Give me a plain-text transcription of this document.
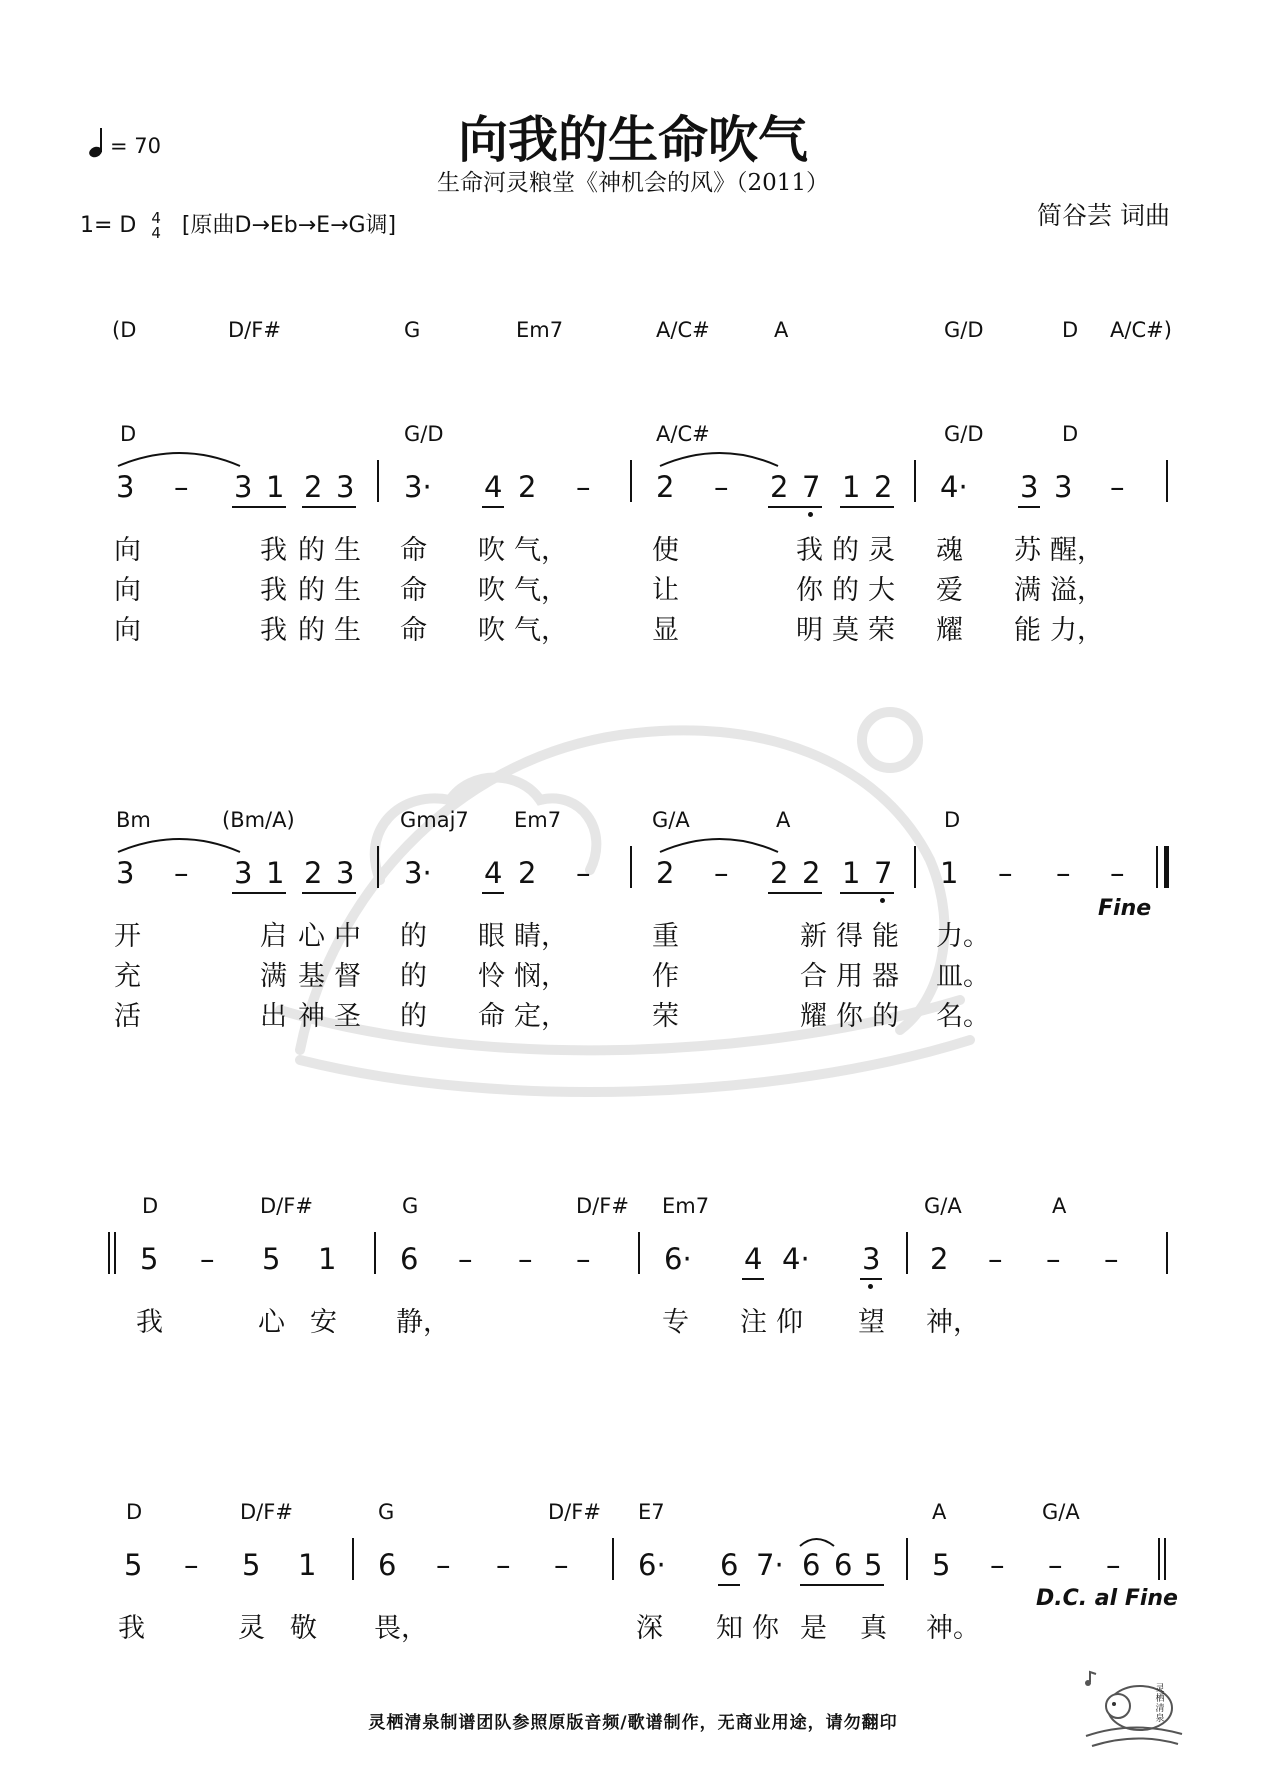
向我的生命吹气
生命河灵粮堂《神机会的风》（2011）
简谷芸 词曲
= 70
1= D 4
4 [原曲D→Eb→E→G调]
(D	D/F#	G	Em7	A/C#	A	G/D	D A/C#)
D	G/D	A/C#	G/D	D
3 – 3 1 2 3 3· 4 2 – 2 – 2 7 1 2 4· 3 3 –
向	我 的 生 命 吹 气，	使	我 的 灵 魂 苏 醒，
向	我 的 生 命 吹 气，	让	你 的 大 爱 满 溢，
向	我 的 生 命 吹 气，	显	明 莫 荣 耀 能 力，
Bm	(Bm/A)	Gmaj7 Em7	G/A	A	D
3 – 3 1 2 3 3· 4 2 – 2 – 2 2 1 7 1 – – –
Fine
开	启 心 中 的 眼 睛，	重	新 得 能 力。
充	满 基 督 的 怜 悯，	作	合 用 器 皿。
活	出 神 圣 的 命 定，	荣	耀 你 的 名。
D	D/F#	G	D/F# Em7	G/A	A
5 – 5 1 6 – – –	6· 4 4· 3 2 – – –
我	心 安 静，	专 注 仰 望 神，
D	D/F#	G	D/F# E7	A	G/A
5 – 5 1 6 – – – 6· 6 7· 6 6 5 5 – – –
D.C. al Fine
我	灵 敬 畏，	深 知 你 是 真 神。
灵栖清泉制谱团队参照原版音频/歌谱制作，无商业用途，请勿翻印
灵栖清泉
